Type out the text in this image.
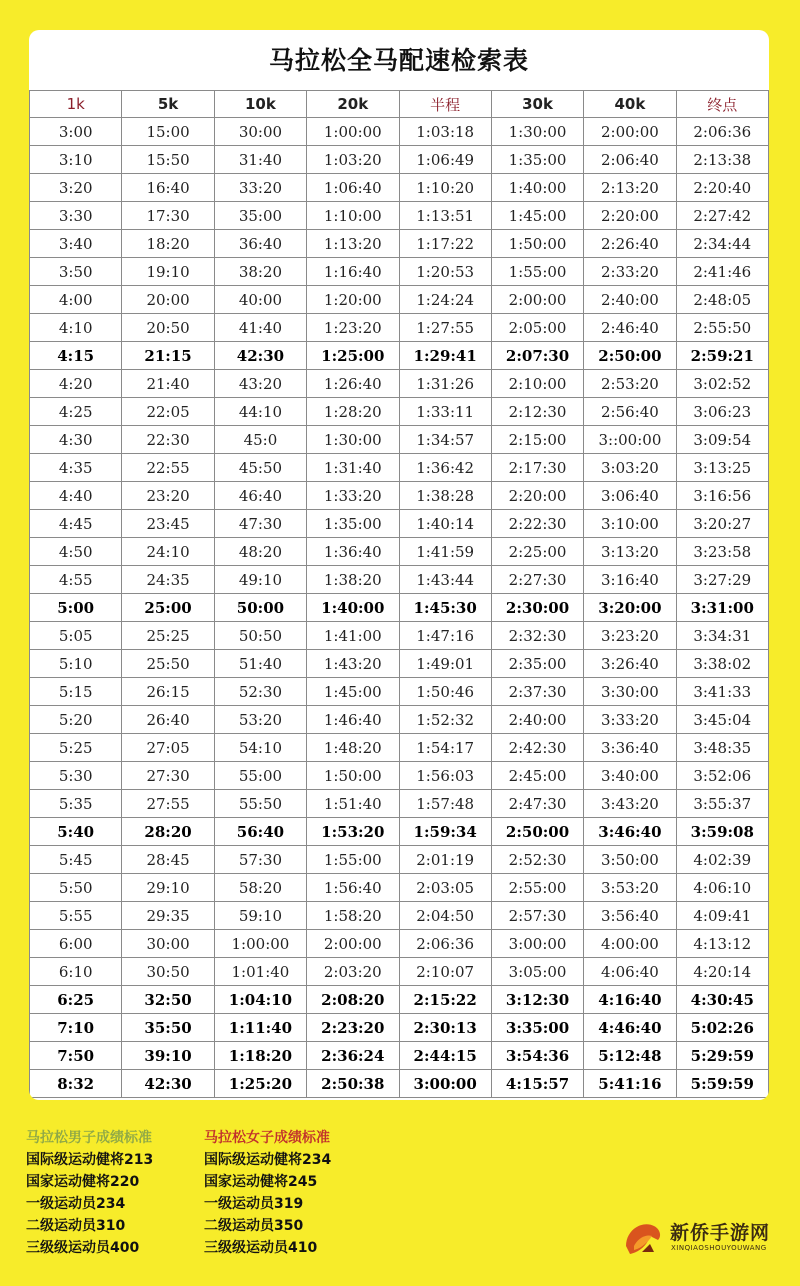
马拉松全马配速检索表
1k	5k	10k	20k	半程	30k	40k	终点
3:00	15:00	30:00	1:00:00	1:03:18	1:30:00	2:00:00	2:06:36
3:10	15:50	31:40	1:03:20	1:06:49	1:35:00	2:06:40	2:13:38
3:20	16:40	33:20	1:06:40	1:10:20	1:40:00	2:13:20	2:20:40
3:30	17:30	35:00	1:10:00	1:13:51	1:45:00	2:20:00	2:27:42
3:40	18:20	36:40	1:13:20	1:17:22	1:50:00	2:26:40	2:34:44
3:50	19:10	38:20	1:16:40	1:20:53	1:55:00	2:33:20	2:41:46
4:00	20:00	40:00	1:20:00	1:24:24	2:00:00	2:40:00	2:48:05
4:10	20:50	41:40	1:23:20	1:27:55	2:05:00	2:46:40	2:55:50
4:15	21:15	42:30	1:25:00	1:29:41	2:07:30	2:50:00	2:59:21
4:20	21:40	43:20	1:26:40	1:31:26	2:10:00	2:53:20	3:02:52
4:25	22:05	44:10	1:28:20	1:33:11	2:12:30	2:56:40	3:06:23
4:30	22:30	45:0	1:30:00	1:34:57	2:15:00	3::00:00	3:09:54
4:35	22:55	45:50	1:31:40	1:36:42	2:17:30	3:03:20	3:13:25
4:40	23:20	46:40	1:33:20	1:38:28	2:20:00	3:06:40	3:16:56
4:45	23:45	47:30	1:35:00	1:40:14	2:22:30	3:10:00	3:20:27
4:50	24:10	48:20	1:36:40	1:41:59	2:25:00	3:13:20	3:23:58
4:55	24:35	49:10	1:38:20	1:43:44	2:27:30	3:16:40	3:27:29
5:00	25:00	50:00	1:40:00	1:45:30	2:30:00	3:20:00	3:31:00
5:05	25:25	50:50	1:41:00	1:47:16	2:32:30	3:23:20	3:34:31
5:10	25:50	51:40	1:43:20	1:49:01	2:35:00	3:26:40	3:38:02
5:15	26:15	52:30	1:45:00	1:50:46	2:37:30	3:30:00	3:41:33
5:20	26:40	53:20	1:46:40	1:52:32	2:40:00	3:33:20	3:45:04
5:25	27:05	54:10	1:48:20	1:54:17	2:42:30	3:36:40	3:48:35
5:30	27:30	55:00	1:50:00	1:56:03	2:45:00	3:40:00	3:52:06
5:35	27:55	55:50	1:51:40	1:57:48	2:47:30	3:43:20	3:55:37
5:40	28:20	56:40	1:53:20	1:59:34	2:50:00	3:46:40	3:59:08
5:45	28:45	57:30	1:55:00	2:01:19	2:52:30	3:50:00	4:02:39
5:50	29:10	58:20	1:56:40	2:03:05	2:55:00	3:53:20	4:06:10
5:55	29:35	59:10	1:58:20	2:04:50	2:57:30	3:56:40	4:09:41
6:00	30:00	1:00:00	2:00:00	2:06:36	3:00:00	4:00:00	4:13:12
6:10	30:50	1:01:40	2:03:20	2:10:07	3:05:00	4:06:40	4:20:14
6:25	32:50	1:04:10	2:08:20	2:15:22	3:12:30	4:16:40	4:30:45
7:10	35:50	1:11:40	2:23:20	2:30:13	3:35:00	4:46:40	5:02:26
7:50	39:10	1:18:20	2:36:24	2:44:15	3:54:36	5:12:48	5:29:59
8:32	42:30	1:25:20	2:50:38	3:00:00	4:15:57	5:41:16	5:59:59
马拉松男子成绩标准
国际级运动健将213
国家运动健将220
一级运动员234
二级运动员310
三级级运动员400
马拉松女子成绩标准
国际级运动健将234
国家运动健将245
一级运动员319
二级运动员350
三级级运动员410
新侨手游网
XINQIAOSHOUYOUWANG
